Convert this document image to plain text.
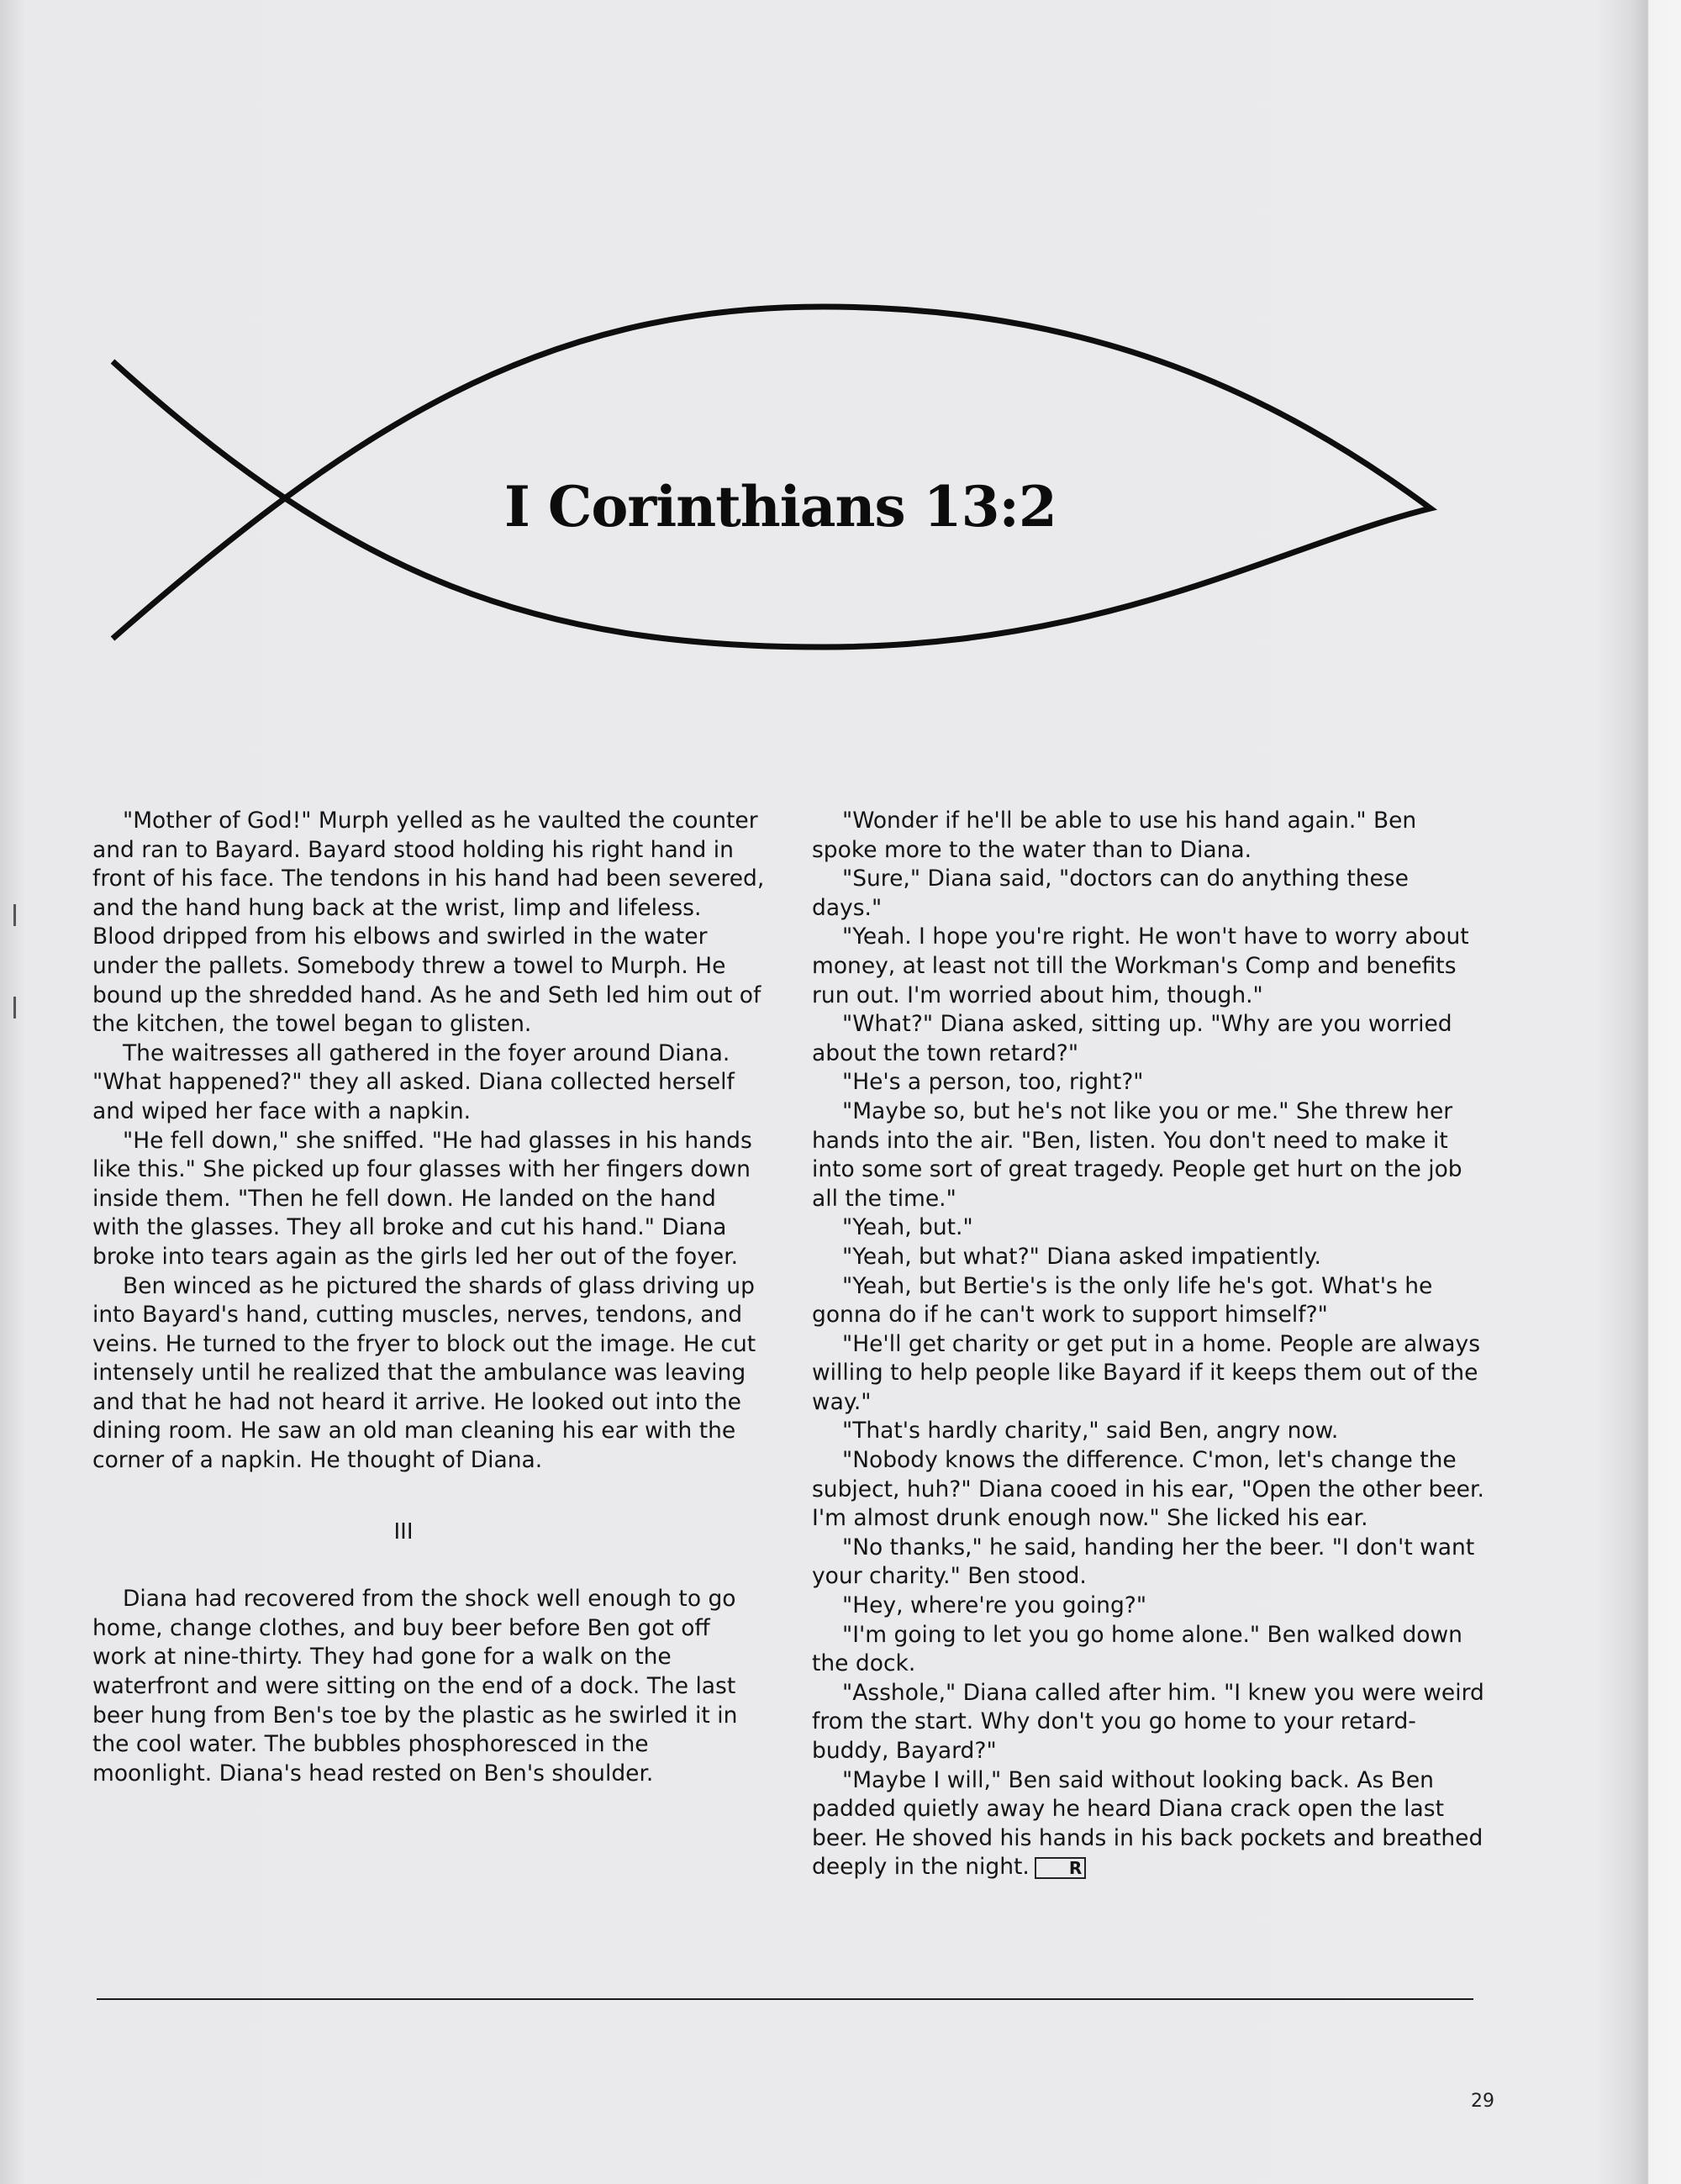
I Corinthians 13:2

"Mother of God!" Murph yelled as he vaulted the counter and ran to Bayard. Bayard stood holding his right hand in front of his face. The tendons in his hand had been severed, and the hand hung back at the wrist, limp and lifeless. Blood dripped from his elbows and swirled in the water under the pallets. Somebody threw a towel to Murph. He bound up the shredded hand. As he and Seth led him out of the kitchen, the towel began to glisten.

The waitresses all gathered in the foyer around Diana. "What happened?" they all asked. Diana collected herself and wiped her face with a napkin.

"He fell down," she sniffed. "He had glasses in his hands like this." She picked up four glasses with her fingers down inside them. "Then he fell down. He landed on the hand with the glasses. They all broke and cut his hand." Diana broke into tears again as the girls led her out of the foyer.

Ben winced as he pictured the shards of glass driving up into Bayard's hand, cutting muscles, nerves, tendons, and veins. He turned to the fryer to block out the image. He cut intensely until he realized that the ambulance was leaving and that he had not heard it arrive. He looked out into the dining room. He saw an old man cleaning his ear with the corner of a napkin. He thought of Diana.

III

Diana had recovered from the shock well enough to go home, change clothes, and buy beer before Ben got off work at nine-thirty. They had gone for a walk on the waterfront and were sitting on the end of a dock. The last beer hung from Ben's toe by the plastic as he swirled it in the cool water. The bubbles phosphoresced in the moonlight. Diana's head rested on Ben's shoulder.

"Wonder if he'll be able to use his hand again." Ben spoke more to the water than to Diana.

"Sure," Diana said, "doctors can do anything these days."

"Yeah. I hope you're right. He won't have to worry about money, at least not till the Workman's Comp and benefits run out. I'm worried about him, though."

"What?" Diana asked, sitting up. "Why are you worried about the town retard?"

"He's a person, too, right?"

"Maybe so, but he's not like you or me." She threw her hands into the air. "Ben, listen. You don't need to make it into some sort of great tragedy. People get hurt on the job all the time."

"Yeah, but."

"Yeah, but what?" Diana asked impatiently.

"Yeah, but Bertie's is the only life he's got. What's he gonna do if he can't work to support himself?"

"He'll get charity or get put in a home. People are always willing to help people like Bayard if it keeps them out of the way."

"That's hardly charity," said Ben, angry now.

"Nobody knows the difference. C'mon, let's change the subject, huh?" Diana cooed in his ear, "Open the other beer. I'm almost drunk enough now." She licked his ear.

"No thanks," he said, handing her the beer. "I don't want your charity." Ben stood.

"Hey, where're you going?"

"I'm going to let you go home alone." Ben walked down the dock.

"Asshole," Diana called after him. "I knew you were weird from the start. Why don't you go home to your retard-buddy, Bayard?"

"Maybe I will," Ben said without looking back. As Ben padded quietly away he heard Diana crack open the last beer. He shoved his hands in his back pockets and breathed deeply in the night. R

29
